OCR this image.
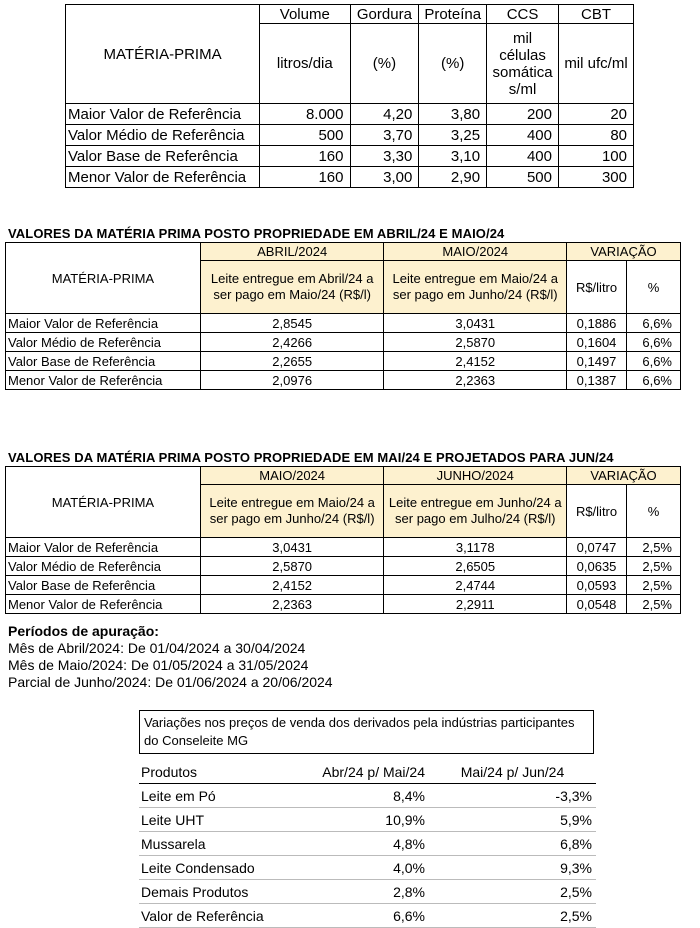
MATÉRIA-PRIMA	Volume	Gordura	Proteína	CCS	CBT
	litros/dia	(%)	(%)	mil células somática s/ml	mil ufc/ml
Maior Valor de Referência	8.000	4,20	3,80	200	20
Valor Médio de Referência	500	3,70	3,25	400	80
Valor Base de Referência	160	3,30	3,10	400	100
Menor Valor de Referência	160	3,00	2,90	500	300
VALORES DA MATÉRIA PRIMA POSTO PROPRIEDADE EM ABRIL/24 E MAIO/24
MATÉRIA-PRIMA	ABRIL/2024	MAIO/2024	VARIAÇÃO	
	Leite entregue em Abril/24 a ser pago em Maio/24 (R$/l)	Leite entregue em Maio/24 a ser pago em Junho/24 (R$/l)	R$/litro	%
Maior Valor de Referência	2,8545	3,0431	0,1886	6,6%
Valor Médio de Referência	2,4266	2,5870	0,1604	6,6%
Valor Base de Referência	2,2655	2,4152	0,1497	6,6%
Menor Valor de Referência	2,0976	2,2363	0,1387	6,6%
VALORES DA MATÉRIA PRIMA POSTO PROPRIEDADE EM MAI/24 E PROJETADOS PARA JUN/24
MATÉRIA-PRIMA	MAIO/2024	JUNHO/2024	VARIAÇÃO	
	Leite entregue em Maio/24 a ser pago em Junho/24 (R$/l)	Leite entregue em Junho/24 a ser pago em Julho/24 (R$/l)	R$/litro	%
Maior Valor de Referência	3,0431	3,1178	0,0747	2,5%
Valor Médio de Referência	2,5870	2,6505	0,0635	2,5%
Valor Base de Referência	2,4152	2,4744	0,0593	2,5%
Menor Valor de Referência	2,2363	2,2911	0,0548	2,5%
Períodos de apuração:
Mês de Abril/2024: De 01/04/2024 a 30/04/2024
Mês de Maio/2024: De 01/05/2024 a 31/05/2024
Parcial de Junho/2024: De 01/06/2024 a 20/06/2024
Variações nos preços de venda dos derivados pela indústrias participantes do Conseleite MG
Produtos	Abr/24 p/ Mai/24	Mai/24 p/ Jun/24
Leite em Pó	8,4%	-3,3%
Leite UHT	10,9%	5,9%
Mussarela	4,8%	6,8%
Leite Condensado	4,0%	9,3%
Demais Produtos	2,8%	2,5%
Valor de Referência	6,6%	2,5%
